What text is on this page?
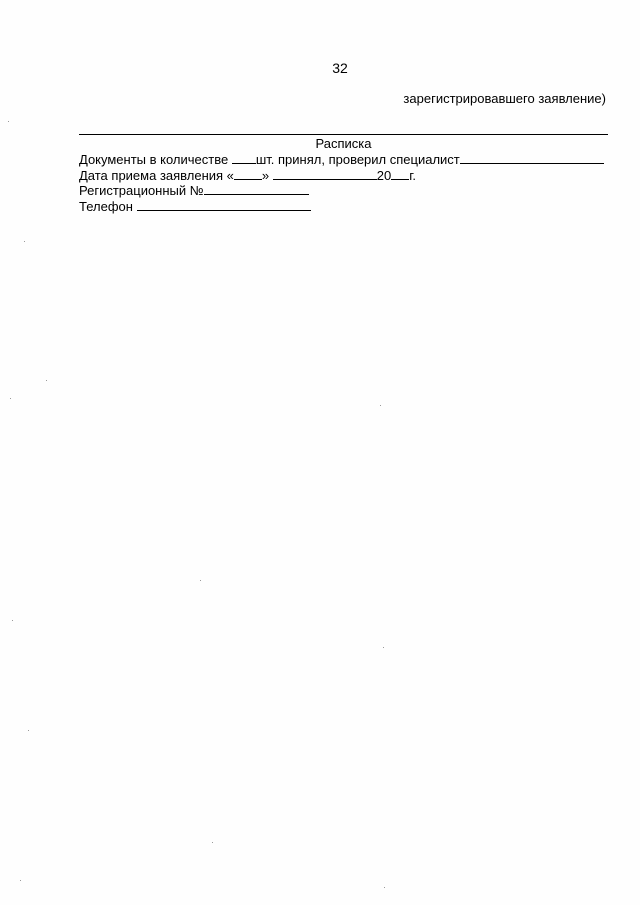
32
зарегистрировавшего заявление)
Расписка
Документы в количестве шт. принял, проверил специалист
Дата приема заявления « »	20 г.
Регистрационный №
Телефон
